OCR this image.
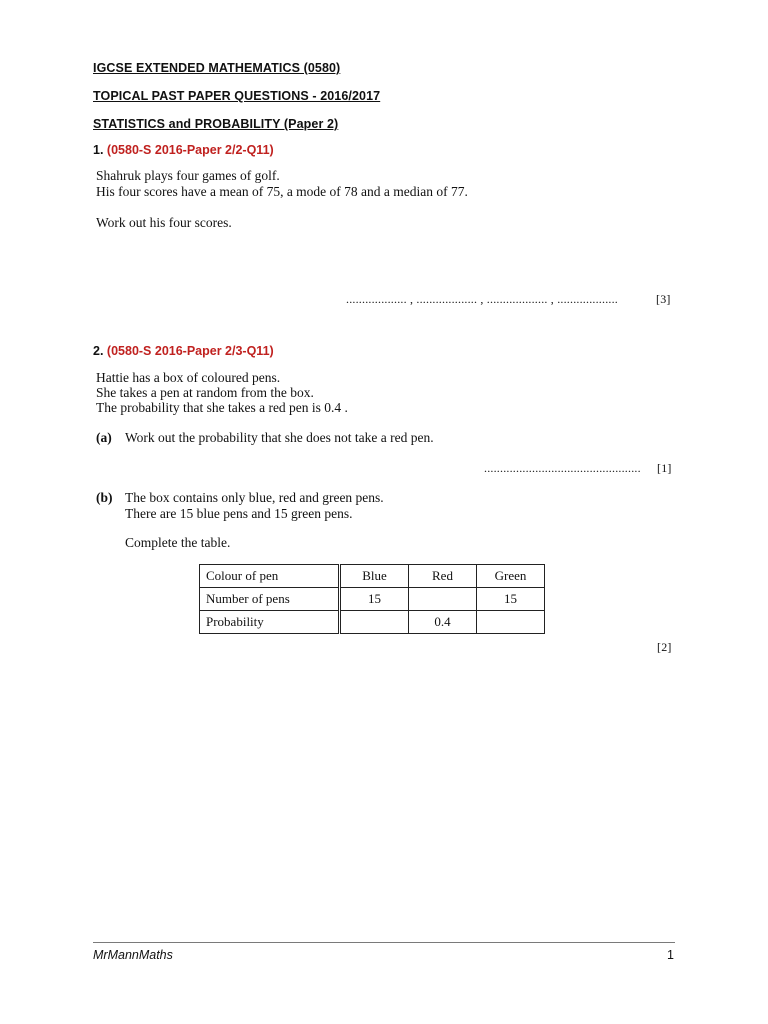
IGCSE EXTENDED MATHEMATICS (0580)
TOPICAL PAST PAPER QUESTIONS - 2016/2017
STATISTICS and PROBABILITY (Paper 2)
1. (0580-S 2016-Paper 2/2-Q11)
Shahruk plays four games of golf.
His four scores have a mean of 75, a mode of 78 and a median of 77.
Work out his four scores.
................... , ................... , ................... , ...................	[3]
2. (0580-S 2016-Paper 2/3-Q11)
Hattie has a box of coloured pens.
She takes a pen at random from the box.
The probability that she takes a red pen is 0.4 .
(a) Work out the probability that she does not take a red pen.
................................................. [1]
(b) The box contains only blue, red and green pens.
There are 15 blue pens and 15 green pens.
Complete the table.
Colour of pen	Blue	Red	Green
Number of pens	15		15
Probability		0.4	
[2]
MrMannMaths	1
